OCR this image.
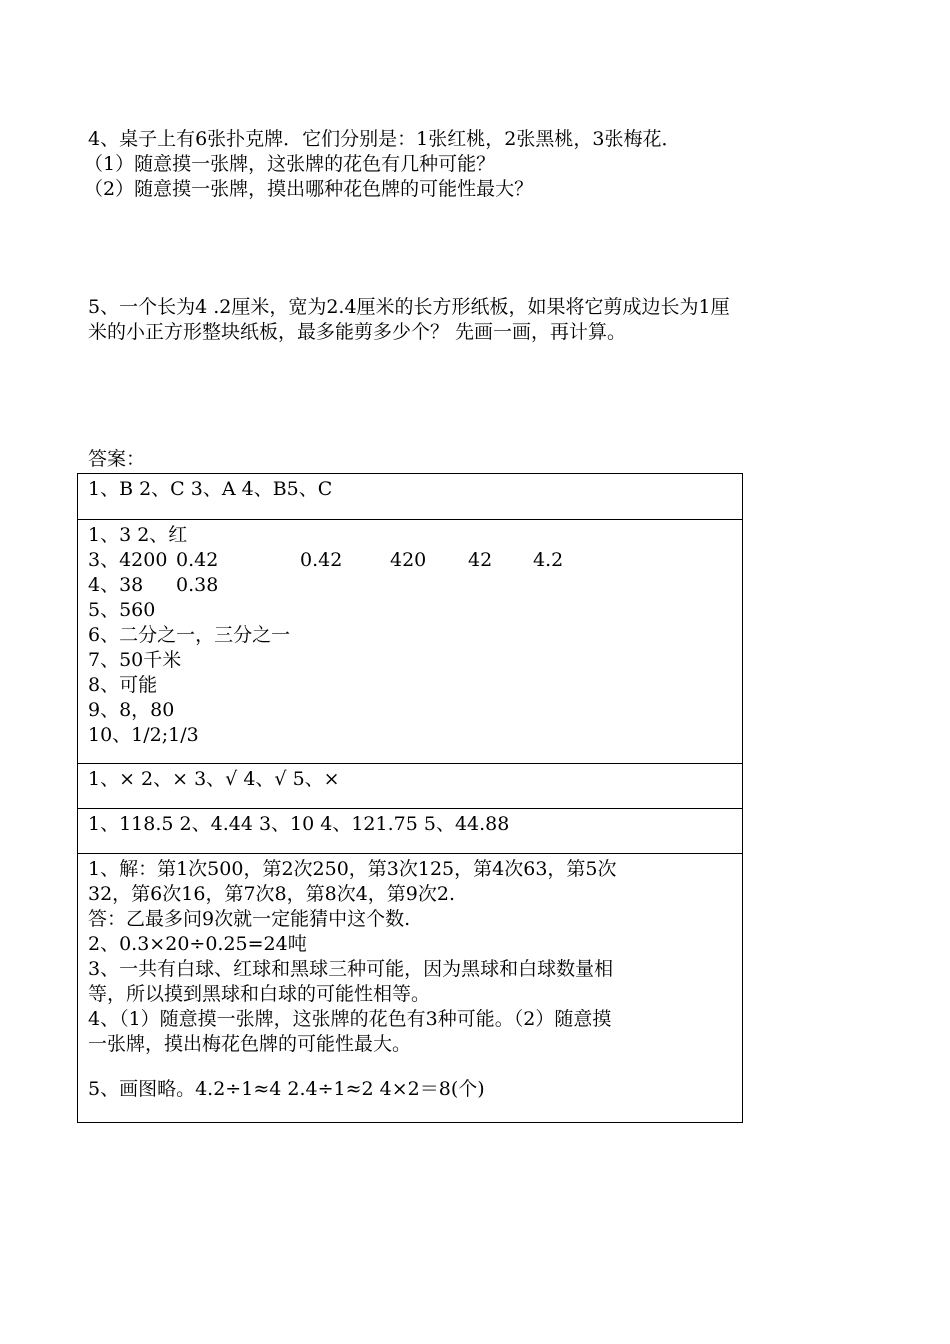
4、桌子上有6张扑克牌．它们分别是：1张红桃，2张黑桃，3张梅花．
（1）随意摸一张牌，这张牌的花色有几种可能？
（2）随意摸一张牌，摸出哪种花色牌的可能性最大？
5、一个长为4 .2厘米，宽为2.4厘米的长方形纸板，如果将它剪成边长为1厘
米的小正方形整块纸板，最多能剪多少个？ 先画一画，再计算。
答案：
1、B 2、C 3、A 4、B5、C

1、3 2、红
3、4200 0.42	0.42	420 42 4.2
4、38 0.38
5、560
6、二分之一，三分之一
7、50千米
8、可能
9、8，80
10、1/2;1/3

1、× 2、× 3、√ 4、√ 5、×

1、118.5 2、4.44 3、10 4、121.75 5、44.88

1、解：第1次500，第2次250，第3次125，第4次63，第5次
32，第6次16，第7次8，第8次4，第9次2.
答：乙最多问9次就一定能猜中这个数.
2、0.3×20÷0.25=24吨
3、一共有白球、红球和黑球三种可能，因为黑球和白球数量相
等，所以摸到黑球和白球的可能性相等。
4、（1）随意摸一张牌，这张牌的花色有3种可能。（2）随意摸
一张牌，摸出梅花色牌的可能性最大。
5、画图略。4.2÷1≈4 2.4÷1≈2 4×2＝8(个)
